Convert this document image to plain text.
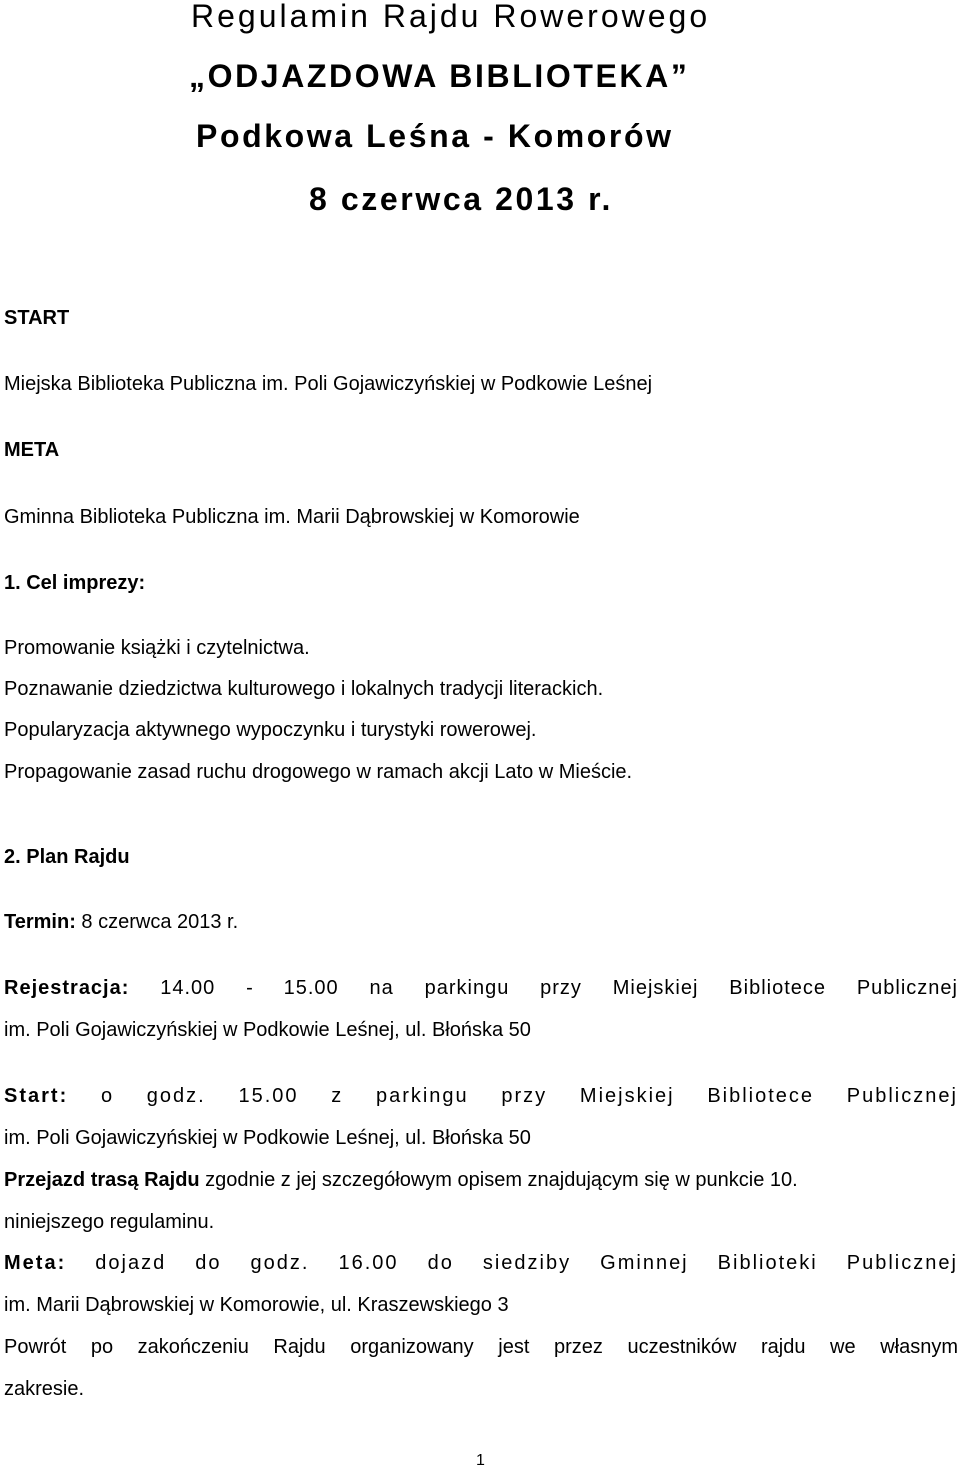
Regulamin Rajdu Rowerowego
„ODJAZDOWA BIBLIOTEKA”
Podkowa Leśna - Komorów
8 czerwca 2013 r.
START
Miejska Biblioteka Publiczna im. Poli Gojawiczyńskiej w Podkowie Leśnej
META
Gminna Biblioteka Publiczna im. Marii Dąbrowskiej w Komorowie
1. Cel imprezy:
Promowanie książki i czytelnictwa.
Poznawanie dziedzictwa kulturowego i lokalnych tradycji literackich.
Popularyzacja aktywnego wypoczynku i turystyki rowerowej.
Propagowanie zasad ruchu drogowego w ramach akcji Lato w Mieście.
2. Plan Rajdu
Termin: 8 czerwca 2013 r.
Rejestracja: 14.00 - 15.00 na parkingu przy Miejskiej Bibliotece Publicznej
im. Poli Gojawiczyńskiej w Podkowie Leśnej, ul. Błońska 50
Start: o godz. 15.00 z parkingu przy Miejskiej Bibliotece Publicznej
im. Poli Gojawiczyńskiej w Podkowie Leśnej, ul. Błońska 50
Przejazd trasą Rajdu zgodnie z jej szczegółowym opisem znajdującym się w punkcie 10.
niniejszego regulaminu.
Meta: dojazd do godz. 16.00 do siedziby Gminnej Biblioteki Publicznej
im. Marii Dąbrowskiej w Komorowie, ul. Kraszewskiego 3
Powrót po zakończeniu Rajdu organizowany jest przez uczestników rajdu we własnym
zakresie.
1
